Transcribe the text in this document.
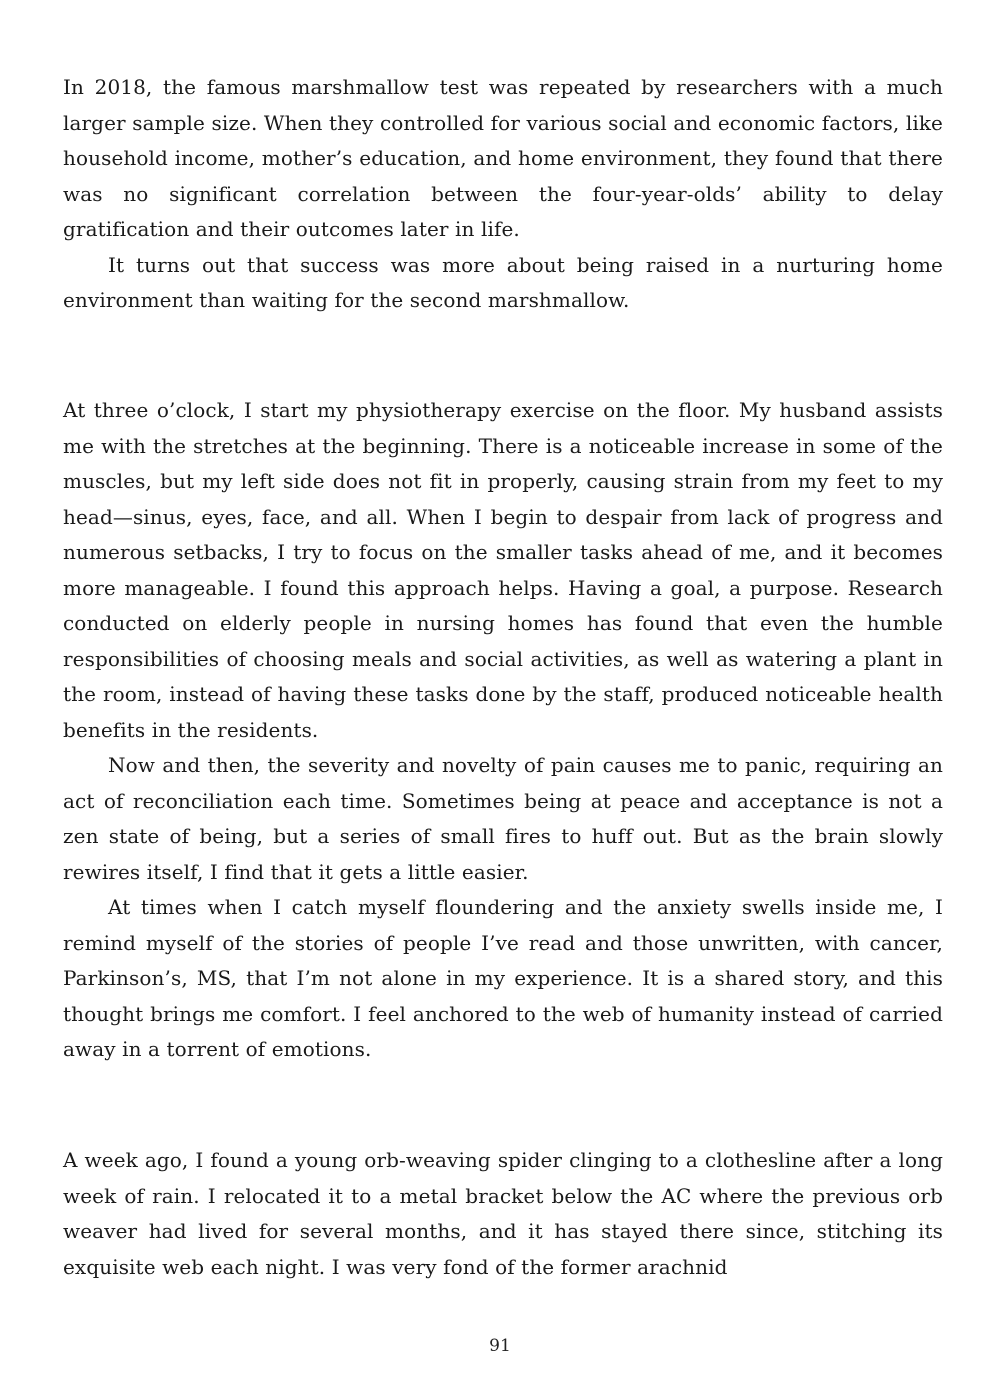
In 2018, the famous marshmallow test was repeated by researchers with a much larger sample size. When they controlled for various social and economic factors, like household income, mother’s education, and home environment, they found that there was no significant correlation between the four-year-olds’ ability to delay gratification and their outcomes later in life.

It turns out that success was more about being raised in a nurturing home environment than waiting for the second marshmallow.

At three o’clock, I start my physiotherapy exercise on the floor. My husband assists me with the stretches at the beginning. There is a noticeable increase in some of the muscles, but my left side does not fit in properly, causing strain from my feet to my head—sinus, eyes, face, and all. When I begin to despair from lack of progress and numerous setbacks, I try to focus on the smaller tasks ahead of me, and it becomes more manageable. I found this approach helps. Having a goal, a purpose. Research conducted on elderly people in nursing homes has found that even the humble responsibilities of choosing meals and social activities, as well as watering a plant in the room, instead of having these tasks done by the staff, produced noticeable health benefits in the residents.

Now and then, the severity and novelty of pain causes me to panic, requiring an act of reconciliation each time. Sometimes being at peace and acceptance is not a zen state of being, but a series of small fires to huff out. But as the brain slowly rewires itself, I find that it gets a little easier.

At times when I catch myself floundering and the anxiety swells inside me, I remind myself of the stories of people I’ve read and those unwritten, with cancer, Parkinson’s, MS, that I’m not alone in my experience. It is a shared story, and this thought brings me comfort. I feel anchored to the web of humanity instead of carried away in a torrent of emotions.

A week ago, I found a young orb-weaving spider clinging to a clothesline after a long week of rain. I relocated it to a metal bracket below the AC where the previous orb weaver had lived for several months, and it has stayed there since, stitching its exquisite web each night. I was very fond of the former arachnid

91
